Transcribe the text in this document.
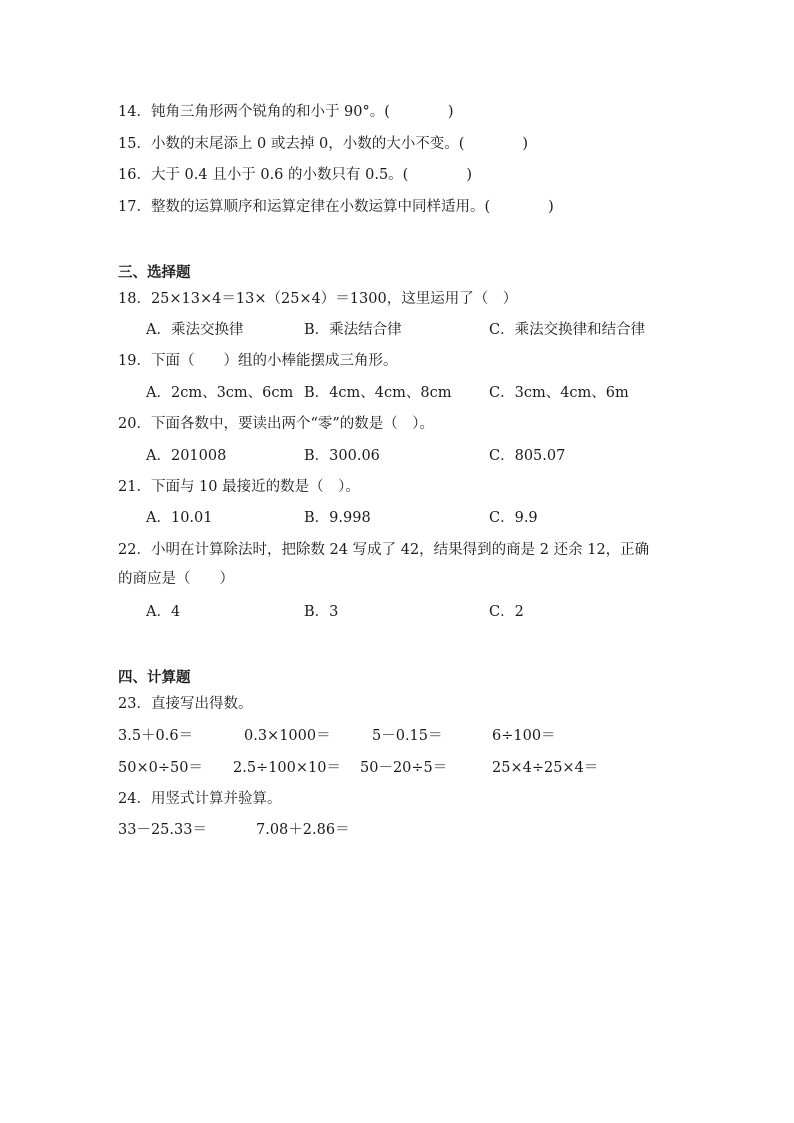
14．钝角三角形两个锐角的和小于 90°。(　　　　)
15．小数的末尾添上 0 或去掉 0，小数的大小不变。(　　　　)
16．大于 0.4 且小于 0.6 的小数只有 0.5。(　　　　)
17．整数的运算顺序和运算定律在小数运算中同样适用。(　　　　)
三、选择题
18．25×13×4＝13×（25×4）＝1300，这里运用了（　）
A．乘法交换律	B．乘法结合律	C．乘法交换律和结合律
19．下面（　　）组的小棒能摆成三角形。
A．2cm、3cm、6cm B．4cm、4cm、8cm	C．3cm、4cm、6m
20．下面各数中，要读出两个“零”的数是（　）。
A．201008	B．300.06	C．805.07
21．下面与 10 最接近的数是（　）。
A．10.01	B．9.998	C．9.9
22．小明在计算除法时，把除数 24 写成了 42，结果得到的商是 2 还余 12，正确
的商应是（　　）
A．4	B．3	C．2
四、计算题
23．直接写出得数。
3.5＋0.6＝	0.3×1000＝	5－0.15＝	6÷100＝
50×0÷50＝ 2.5÷100×10＝ 50－20÷5＝	25×4÷25×4＝
24．用竖式计算并验算。
33－25.33＝	7.08＋2.86＝
